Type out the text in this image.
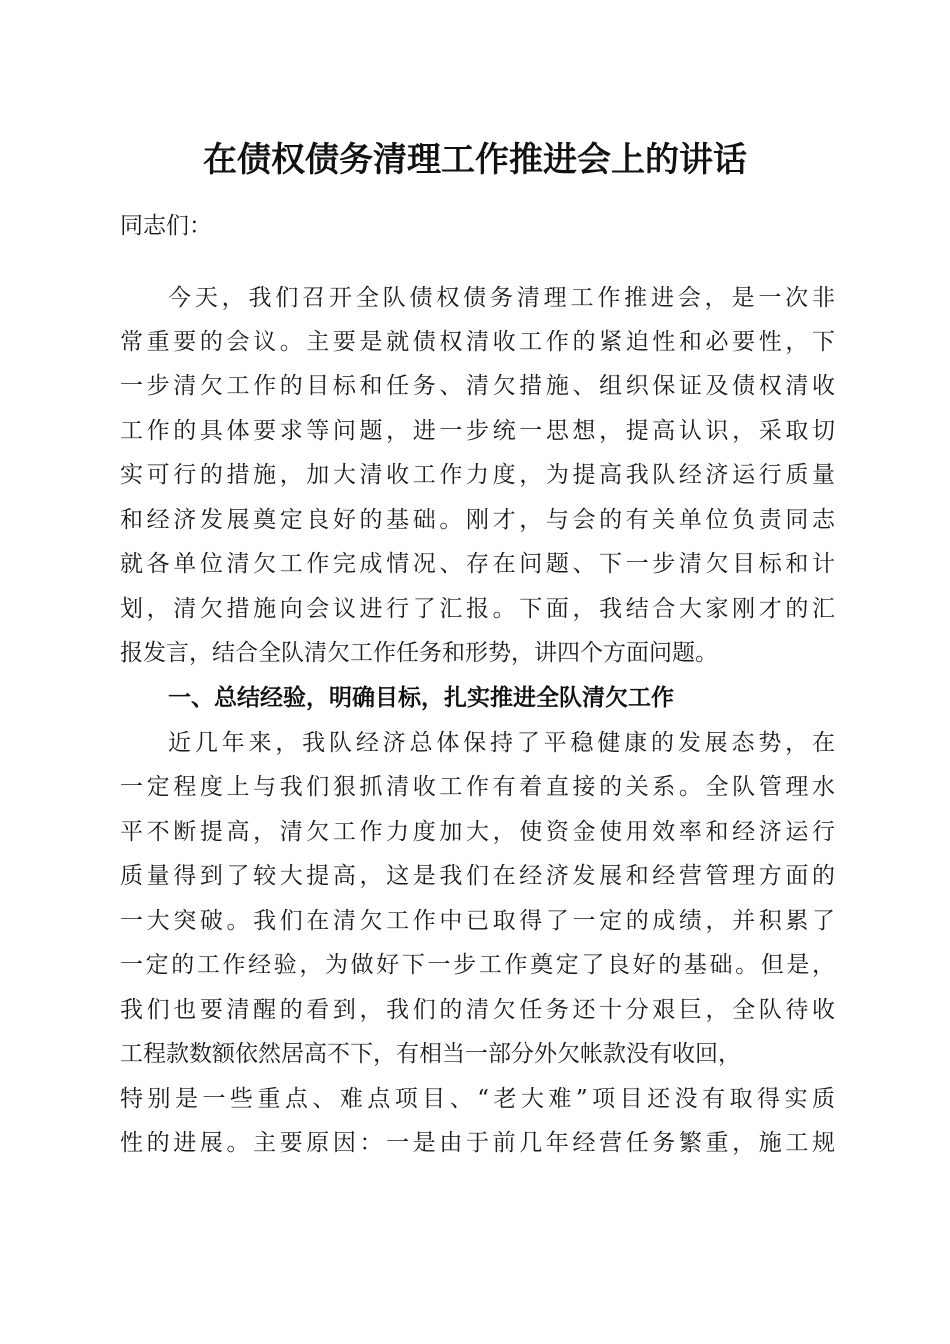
在债权债务清理工作推进会上的讲话
同志们：
今天，我们召开全队债权债务清理工作推进会，是一次非
常重要的会议。主要是就债权清收工作的紧迫性和必要性，下
一步清欠工作的目标和任务、清欠措施、组织保证及债权清收
工作的具体要求等问题，进一步统一思想，提高认识，采取切
实可行的措施，加大清收工作力度，为提高我队经济运行质量
和经济发展奠定良好的基础。刚才，与会的有关单位负责同志
就各单位清欠工作完成情况、存在问题、下一步清欠目标和计
划，清欠措施向会议进行了汇报。下面，我结合大家刚才的汇
报发言，结合全队清欠工作任务和形势，讲四个方面问题。
一、总结经验，明确目标，扎实推进全队清欠工作
近几年来，我队经济总体保持了平稳健康的发展态势，在
一定程度上与我们狠抓清收工作有着直接的关系。全队管理水
平不断提高，清欠工作力度加大，使资金使用效率和经济运行
质量得到了较大提高，这是我们在经济发展和经营管理方面的
一大突破。我们在清欠工作中已取得了一定的成绩，并积累了
一定的工作经验，为做好下一步工作奠定了良好的基础。但是，
我们也要清醒的看到，我们的清欠任务还十分艰巨，全队待收
工程款数额依然居高不下，有相当一部分外欠帐款没有收回，
特别是一些重点、难点项目、“老大难”项目还没有取得实质
性的进展。主要原因：一是由于前几年经营任务繁重，施工规
